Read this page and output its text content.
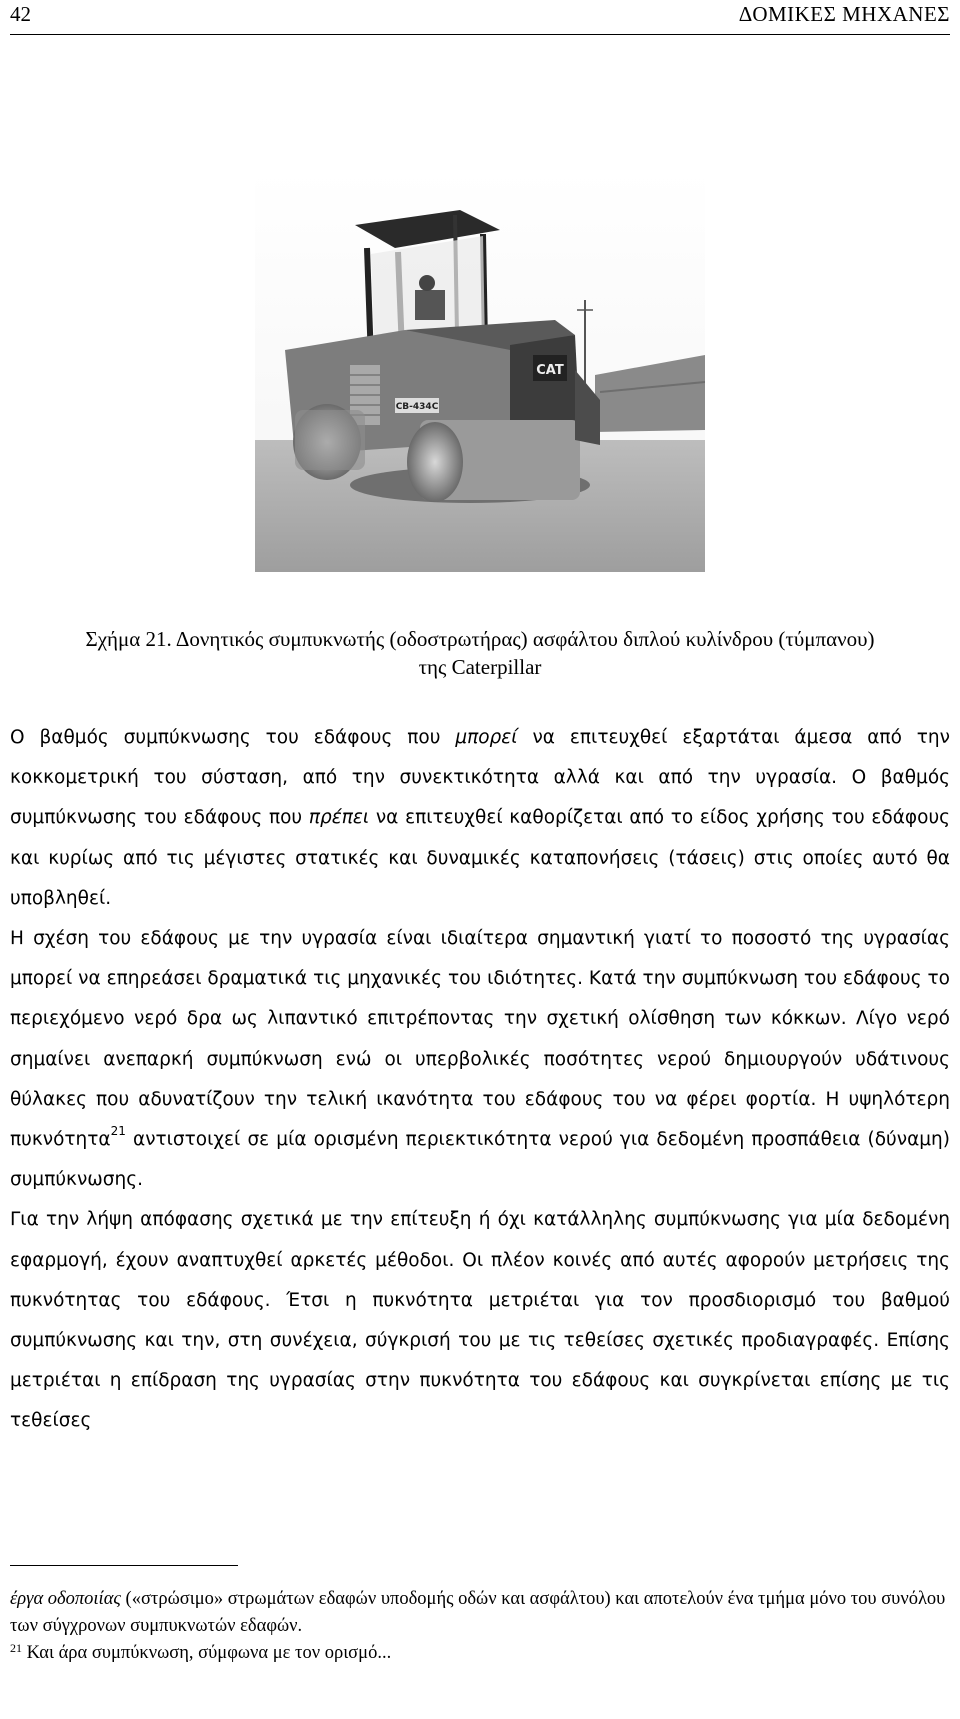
42	ΔΟΜΙΚΕΣ ΜΗΧΑΝΕΣ
CAT
CB-434C
Σχήμα 21. Δονητικός συμπυκνωτής (οδοστρωτήρας) ασφάλτου διπλού κυλίνδρου (τύμπανου)
της Caterpillar

Ο βαθμός συμπύκνωσης του εδάφους που μπορεί να επιτευχθεί εξαρτάται άμεσα από την κοκκομετρική του σύσταση, από την συνεκτικότητα αλλά και από την υγρασία. Ο βαθμός συμπύκνωσης του εδάφους που πρέπει να επιτευχθεί καθορίζεται από το είδος χρήσης του εδάφους και κυρίως από τις μέγιστες στατικές και δυναμικές καταπονήσεις (τάσεις) στις οποίες αυτό θα υποβληθεί.

Η σχέση του εδάφους με την υγρασία είναι ιδιαίτερα σημαντική γιατί το ποσοστό της υγρασίας μπορεί να επηρεάσει δραματικά τις μηχανικές του ιδιότητες. Κατά την συμπύκνωση του εδάφους το περιεχόμενο νερό δρα ως λιπαντικό επιτρέποντας την σχετική ολίσθηση των κόκκων. Λίγο νερό σημαίνει ανεπαρκή συμπύκνωση ενώ οι υπερβολικές ποσότητες νερού δημιουργούν υδάτινους θύλακες που αδυνατίζουν την τελική ικανότητα του εδάφους του να φέρει φορτία. Η υψηλότερη πυκνότητα$^{21}$ αντιστοιχεί σε μία ορισμένη περιεκτικότητα νερού για δεδομένη προσπάθεια (δύναμη) συμπύκνωσης.

Για την λήψη απόφασης σχετικά με την επίτευξη ή όχι κατάλληλης συμπύκνωσης για μία δεδομένη εφαρμογή, έχουν αναπτυχθεί αρκετές μέθοδοι. Οι πλέον κοινές από αυτές αφορούν μετρήσεις της πυκνότητας του εδάφους. Έτσι η πυκνότητα μετριέται για τον προσδιορισμό του βαθμού συμπύκνωσης και την, στη συνέχεια, σύγκρισή του με τις τεθείσες σχετικές προδιαγραφές. Επίσης μετριέται η επίδραση της υγρασίας στην πυκνότητα του εδάφους και συγκρίνεται επίσης με τις τεθείσες

έργα οδοποιίας («στρώσιμο» στρωμάτων εδαφών υποδομής οδών και ασφάλτου) και αποτελούν ένα τμήμα μόνο του συνόλου των σύγχρονων συμπυκνωτών εδαφών.

$^{21}$ Και άρα συμπύκνωση, σύμφωνα με τον ορισμό...
